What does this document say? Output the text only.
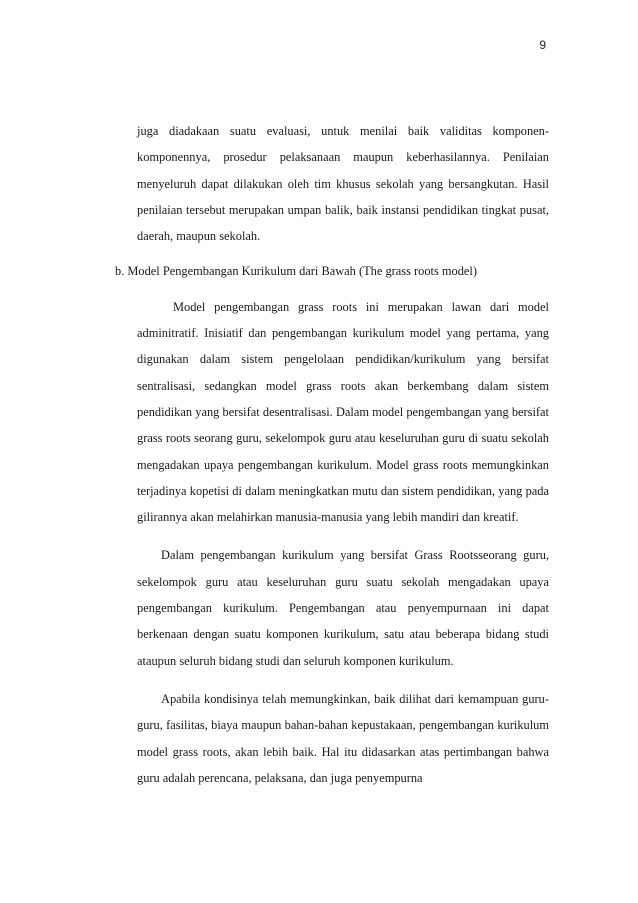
9

juga diadakaan suatu evaluasi, untuk menilai baik validitas komponen-komponennya, prosedur pelaksanaan maupun keberhasilannya. Penilaian menyeluruh dapat dilakukan oleh tim khusus sekolah yang bersangkutan. Hasil penilaian tersebut merupakan umpan balik, baik instansi pendidikan tingkat pusat, daerah, maupun sekolah.

b. Model Pengembangan Kurikulum dari Bawah (The grass roots model)

Model pengembangan grass roots ini merupakan lawan dari model adminitratif. Inisiatif dan pengembangan kurikulum model yang pertama, yang digunakan dalam sistem pengelolaan pendidikan/kurikulum yang bersifat sentralisasi, sedangkan model grass roots akan berkembang dalam sistem pendidikan yang bersifat desentralisasi. Dalam model pengembangan yang bersifat grass roots seorang guru, sekelompok guru atau keseluruhan guru di suatu sekolah mengadakan upaya pengembangan kurikulum. Model grass roots memungkinkan terjadinya kopetisi di dalam meningkatkan mutu dan sistem pendidikan, yang pada gilirannya akan melahirkan manusia-manusia yang lebih mandiri dan kreatif.

Dalam pengembangan kurikulum yang bersifat Grass Rootsseorang guru, sekelompok guru atau keseluruhan guru suatu sekolah mengadakan upaya pengembangan kurikulum. Pengembangan atau penyempurnaan ini dapat berkenaan dengan suatu komponen kurikulum, satu atau beberapa bidang studi ataupun seluruh bidang studi dan seluruh komponen kurikulum.

Apabila kondisinya telah memungkinkan, baik dilihat dari kemampuan guru-guru, fasilitas, biaya maupun bahan-bahan kepustakaan, pengembangan kurikulum model grass roots, akan lebih baik. Hal itu didasarkan atas pertimbangan bahwa guru adalah perencana, pelaksana, dan juga penyempurna
